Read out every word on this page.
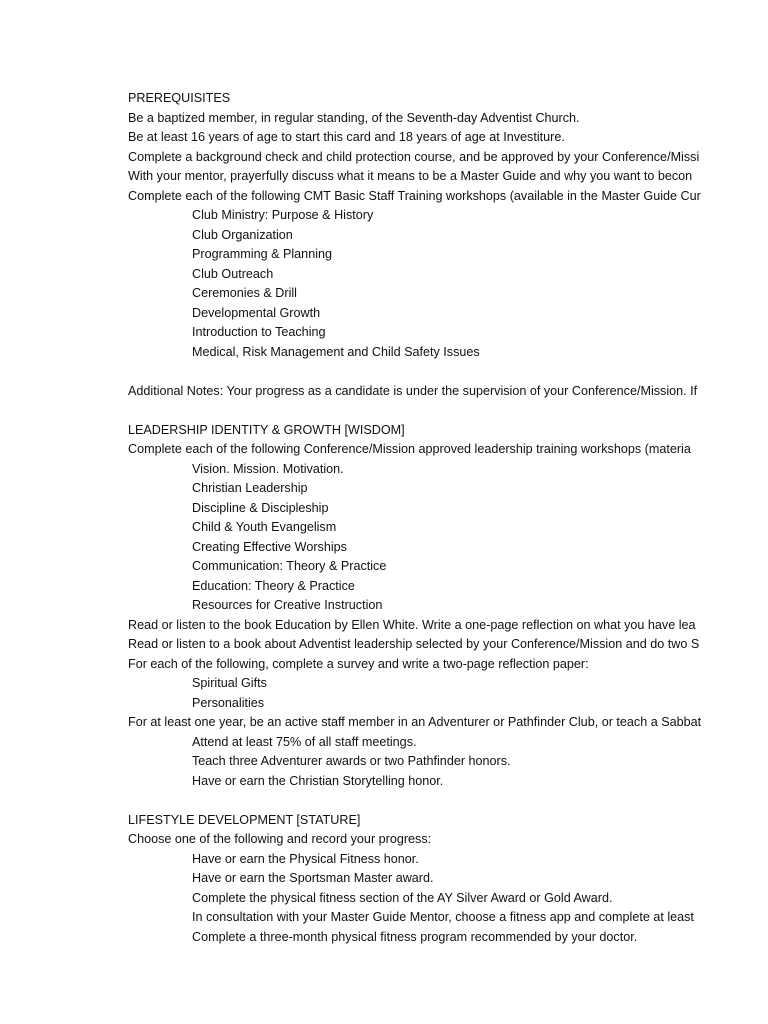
PREREQUISITES
Be a baptized member, in regular standing, of the Seventh-day Adventist Church.
Be at least 16 years of age to start this card and 18 years of age at Investiture.
Complete a background check and child protection course, and be approved by your Conference/Missi
With your mentor, prayerfully discuss what it means to be a Master Guide and why you want to becon
Complete each of the following CMT Basic Staff Training workshops (available in the Master Guide Cur
Club Ministry: Purpose & History
Club Organization
Programming & Planning
Club Outreach
Ceremonies & Drill
Developmental Growth
Introduction to Teaching
Medical, Risk Management and Child Safety Issues
Additional Notes: Your progress as a candidate is under the supervision of your Conference/Mission. If
LEADERSHIP IDENTITY & GROWTH [WISDOM]
Complete each of the following Conference/Mission approved leadership training workshops (materia
Vision. Mission. Motivation.
Christian Leadership
Discipline & Discipleship
Child & Youth Evangelism
Creating Effective Worships
Communication: Theory & Practice
Education: Theory & Practice
Resources for Creative Instruction
Read or listen to the book Education by Ellen White. Write a one-page reflection on what you have lea
Read or listen to a book about Adventist leadership selected by your Conference/Mission and do two S
For each of the following, complete a survey and write a two-page reflection paper:
Spiritual Gifts
Personalities
For at least one year, be an active staff member in an Adventurer or Pathfinder Club, or teach a Sabbat
Attend at least 75% of all staff meetings.
Teach three Adventurer awards or two Pathfinder honors.
Have or earn the Christian Storytelling honor.
LIFESTYLE DEVELOPMENT [STATURE]
Choose one of the following and record your progress:
Have or earn the Physical Fitness honor.
Have or earn the Sportsman Master award.
Complete the physical fitness section of the AY Silver Award or Gold Award.
In consultation with your Master Guide Mentor, choose a fitness app and complete at least
Complete a three-month physical fitness program recommended by your doctor.
